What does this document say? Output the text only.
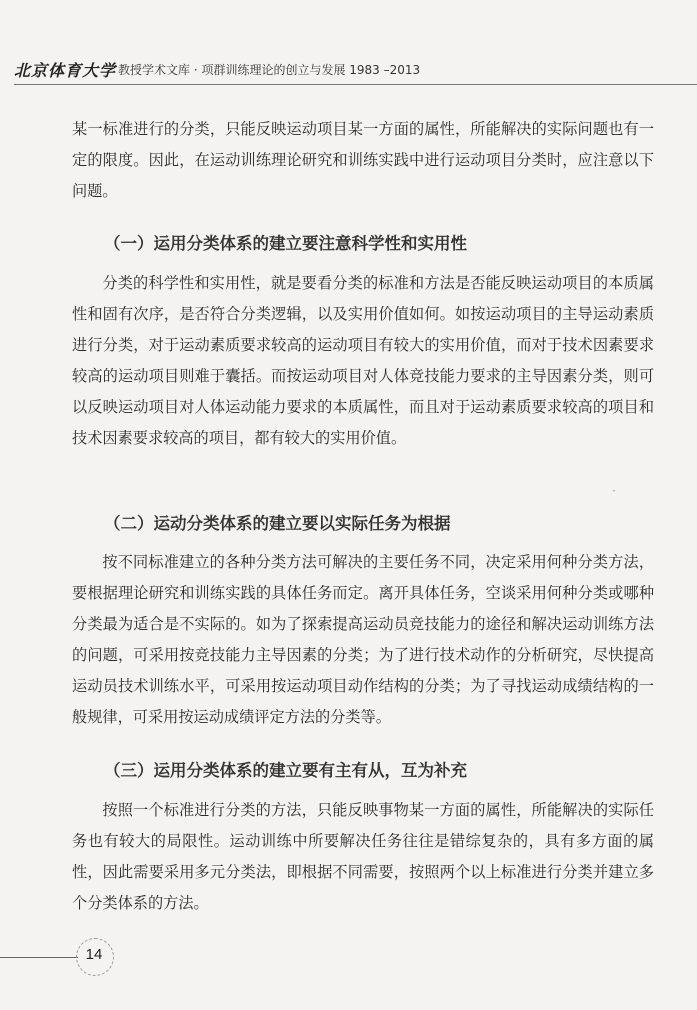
北京体育大学 教授学术文库 · 项群训练理论的创立与发展 1983 –2013

某一标准进行的分类，只能反映运动项目某一方面的属性，所能解决的实际问题也有一定的限度。因此，在运动训练理论研究和训练实践中进行运动项目分类时，应注意以下问题。

（一）运用分类体系的建立要注意科学性和实用性

分类的科学性和实用性，就是要看分类的标准和方法是否能反映运动项目的本质属性和固有次序，是否符合分类逻辑，以及实用价值如何。如按运动项目的主导运动素质进行分类，对于运动素质要求较高的运动项目有较大的实用价值，而对于技术因素要求较高的运动项目则难于囊括。而按运动项目对人体竞技能力要求的主导因素分类，则可以反映运动项目对人体运动能力要求的本质属性，而且对于运动素质要求较高的项目和技术因素要求较高的项目，都有较大的实用价值。

·
（二）运动分类体系的建立要以实际任务为根据

按不同标准建立的各种分类方法可解决的主要任务不同，决定采用何种分类方法，要根据理论研究和训练实践的具体任务而定。离开具体任务，空谈采用何种分类或哪种分类最为适合是不实际的。如为了探索提高运动员竞技能力的途径和解决运动训练方法的问题，可采用按竞技能力主导因素的分类；为了进行技术动作的分析研究，尽快提高运动员技术训练水平，可采用按运动项目动作结构的分类；为了寻找运动成绩结构的一般规律，可采用按运动成绩评定方法的分类等。

（三）运用分类体系的建立要有主有从，互为补充

按照一个标准进行分类的方法，只能反映事物某一方面的属性，所能解决的实际任务也有较大的局限性。运动训练中所要解决任务往往是错综复杂的，具有多方面的属性，因此需要采用多元分类法，即根据不同需要，按照两个以上标准进行分类并建立多个分类体系的方法。

14
